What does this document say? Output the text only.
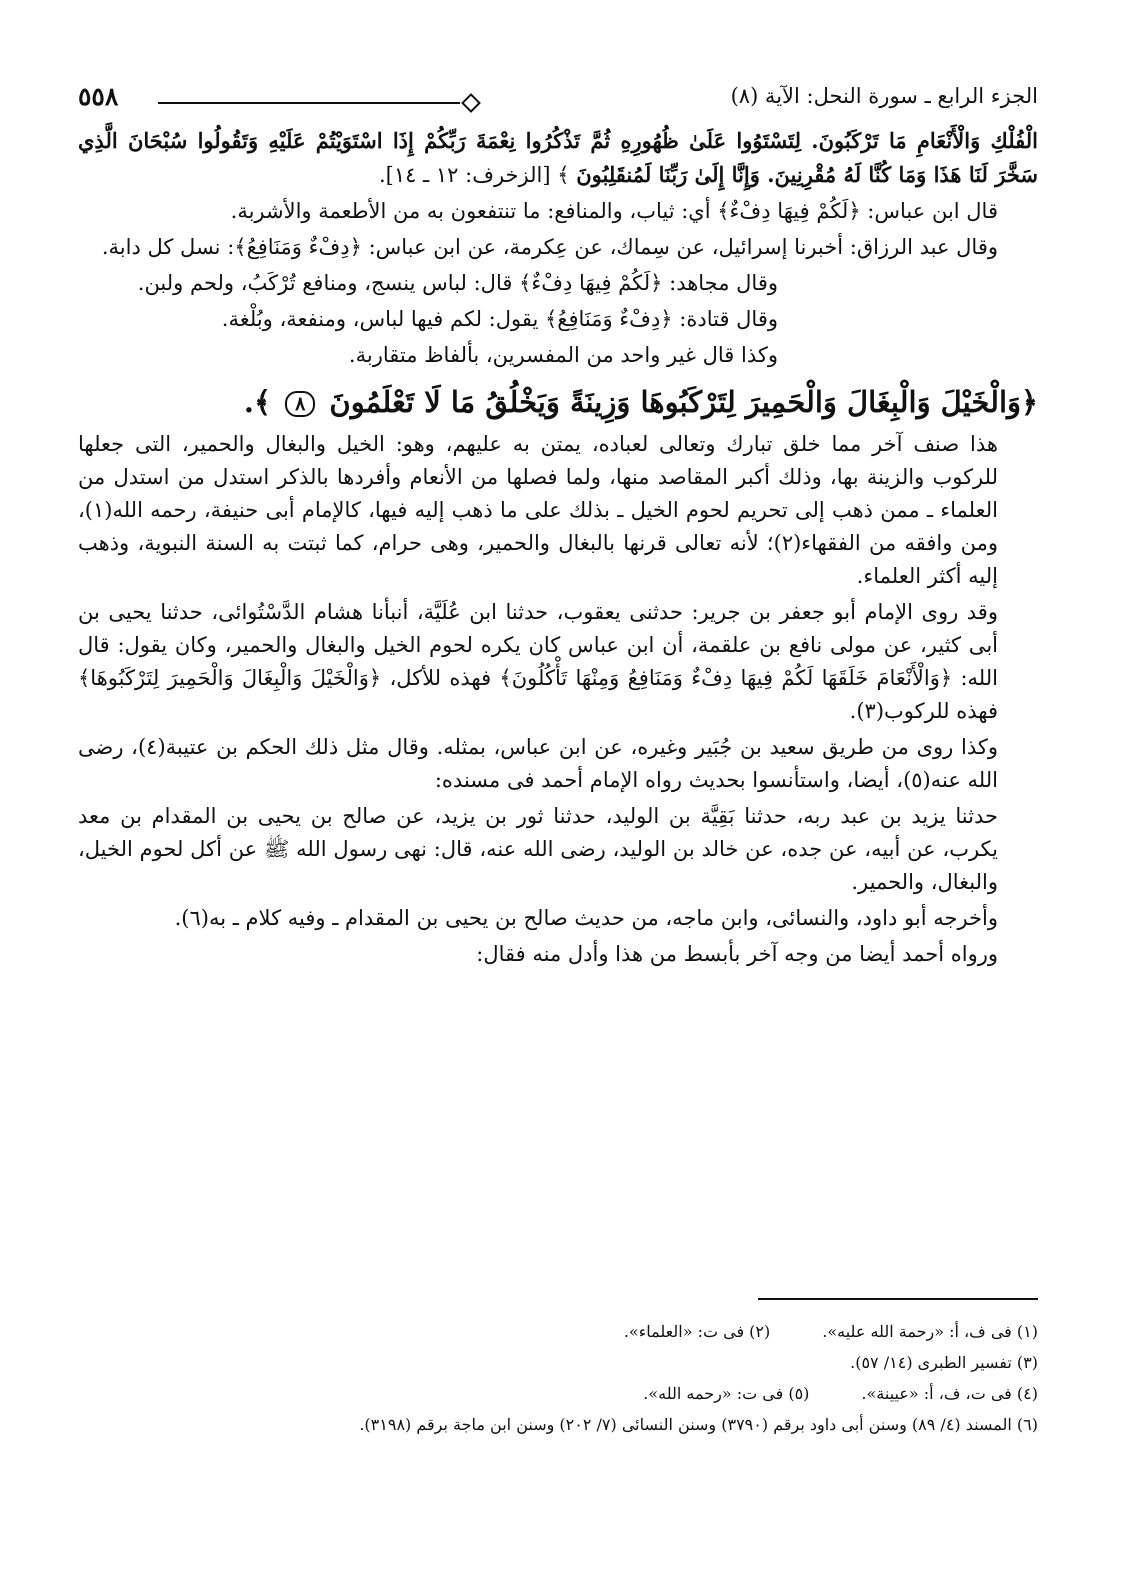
٥٥٨	الجزء الرابع ـ سورة النحل: الآية (٨)

الْفُلْكِ وَالْأَنْعَامِ مَا تَرْكَبُونَ. لِتَسْتَوُوا عَلَىٰ ظُهُورِهِ ثُمَّ تَذْكُرُوا نِعْمَةَ رَبِّكُمْ إِذَا اسْتَوَيْتُمْ عَلَيْهِ وَتَقُولُوا سُبْحَانَ الَّذِي سَخَّرَ لَنَا هَذَا وَمَا كُنَّا لَهُ مُقْرِنِينَ. وَإِنَّا إِلَىٰ رَبِّنَا لَمُنقَلِبُونَ ﴾ [الزخرف: ١٢ ـ ١٤].

قال ابن عباس: ﴿لَكُمْ فِيهَا دِفْءٌ﴾ أي: ثياب، والمنافع: ما تنتفعون به من الأطعمة والأشربة.

وقال عبد الرزاق: أخبرنا إسرائيل، عن سِماك، عن عِكرمة، عن ابن عباس: ﴿دِفْءٌ وَمَنَافِعُ﴾: نسل كل دابة.

وقال مجاهد: ﴿لَكُمْ فِيهَا دِفْءٌ﴾ قال: لباس ينسج، ومنافع تُرْكَبُ، ولحم ولبن.

وقال قتادة: ﴿دِفْءٌ وَمَنَافِعُ﴾ يقول: لكم فيها لباس، ومنفعة، وبُلْغة.

وكذا قال غير واحد من المفسرين، بألفاظ متقاربة.

﴿وَالْخَيْلَ وَالْبِغَالَ وَالْحَمِيرَ لِتَرْكَبُوهَا وَزِينَةً وَيَخْلُقُ مَا لَا تَعْلَمُونَ ٨ ﴾.

هذا صنف آخر مما خلق تبارك وتعالى لعباده، يمتن به عليهم، وهو: الخيل والبغال والحمير، التى جعلها للركوب والزينة بها، وذلك أكبر المقاصد منها، ولما فصلها من الأنعام وأفردها بالذكر استدل من استدل من العلماء ـ ممن ذهب إلى تحريم لحوم الخيل ـ بذلك على ما ذهب إليه فيها، كالإمام أبى حنيفة، رحمه الله(١)، ومن وافقه من الفقهاء(٢)؛ لأنه تعالى قرنها بالبغال والحمير، وهى حرام، كما ثبتت به السنة النبوية، وذهب إليه أكثر العلماء.

وقد روى الإمام أبو جعفر بن جرير: حدثنى يعقوب، حدثنا ابن عُلَيَّة، أنبأنا هشام الدَّسْتُوائى، حدثنا يحيى بن أبى كثير، عن مولى نافع بن علقمة، أن ابن عباس كان يكره لحوم الخيل والبغال والحمير، وكان يقول: قال الله: ﴿وَالْأَنْعَامَ خَلَقَهَا لَكُمْ فِيهَا دِفْءٌ وَمَنَافِعُ وَمِنْهَا تَأْكُلُونَ﴾ فهذه للأكل، ﴿وَالْخَيْلَ وَالْبِغَالَ وَالْحَمِيرَ لِتَرْكَبُوهَا﴾ فهذه للركوب(٣).

وكذا روى من طريق سعيد بن جُبَير وغيره، عن ابن عباس، بمثله. وقال مثل ذلك الحكم بن عتيبة(٤)، رضى الله عنه(٥)، أيضا، واستأنسوا بحديث رواه الإمام أحمد فى مسنده:

حدثنا يزيد بن عبد ربه، حدثنا بَقِيَّة بن الوليد، حدثنا ثور بن يزيد، عن صالح بن يحيى بن المقدام بن معد يكرب، عن أبيه، عن جده، عن خالد بن الوليد، رضى الله عنه، قال: نهى رسول الله ﷺ عن أكل لحوم الخيل، والبغال، والحمير.

وأخرجه أبو داود، والنسائى، وابن ماجه، من حديث صالح بن يحيى بن المقدام ـ وفيه كلام ـ به(٦).

ورواه أحمد أيضا من وجه آخر بأبسط من هذا وأدل منه فقال:

(١) فى ف، أ: «رحمة الله عليه».
(٢) فى ت: «العلماء».
(٣) تفسير الطبرى (١٤/ ٥٧).
(٤) فى ت، ف، أ: «عيينة».
(٥) فى ت: «رحمه الله».
(٦) المسند (٤/ ٨٩) وسنن أبى داود برقم (٣٧٩٠) وسنن النسائى (٧/ ٢٠٢) وسنن ابن ماجة برقم (٣١٩٨).
